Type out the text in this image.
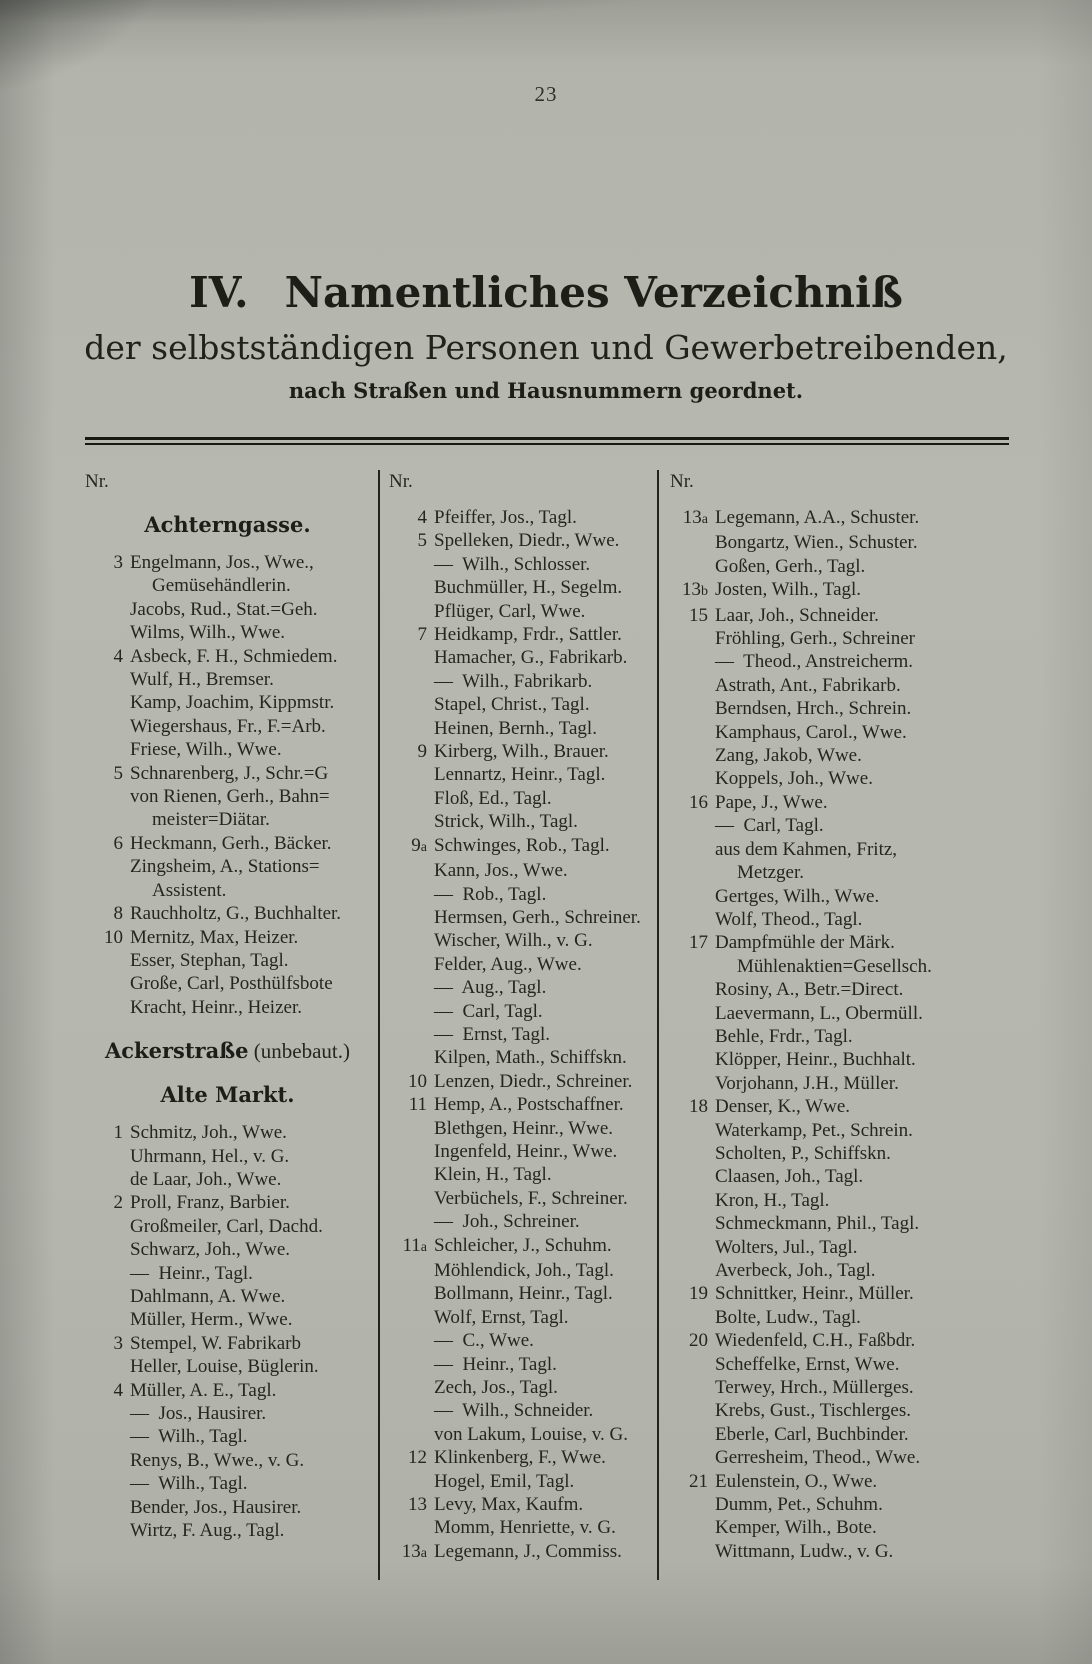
23
IV. Namentliches Verzeichniß
der selbstständigen Personen und Gewerbetreibenden,
nach Straßen und Hausnummern geordnet.
Nr.
Achterngasse.
3 Engelmann, Jos., Wwe.,
Gemüsehändlerin.
Jacobs, Rud., Stat.=Geh.
Wilms, Wilh., Wwe.
4 Asbeck, F. H., Schmiedem.
Wulf, H., Bremser.
Kamp, Joachim, Kippmstr.
Wiegershaus, Fr., F.=Arb.
Friese, Wilh., Wwe.
5 Schnarenberg, J., Schr.=G
von Rienen, Gerh., Bahn=
meister=Diätar.
6 Heckmann, Gerh., Bäcker.
Zingsheim, A., Stations=
Assistent.
8 Rauchholtz, G., Buchhalter.
10 Mernitz, Max, Heizer.
Esser, Stephan, Tagl.
Große, Carl, Posthülfsbote
Kracht, Heinr., Heizer.
Ackerstraße (unbebaut.)
Alte Markt.
1 Schmitz, Joh., Wwe.
Uhrmann, Hel., v. G.
de Laar, Joh., Wwe.
2 Proll, Franz, Barbier.
Großmeiler, Carl, Dachd.
Schwarz, Joh., Wwe.
—  Heinr., Tagl.
Dahlmann, A. Wwe.
Müller, Herm., Wwe.
3 Stempel, W. Fabrikarb
Heller, Louise, Büglerin.
4 Müller, A. E., Tagl.
—  Jos., Hausirer.
—  Wilh., Tagl.
Renys, B., Wwe., v. G.
—  Wilh., Tagl.
Bender, Jos., Hausirer.
Wirtz, F. Aug., Tagl.
Nr.
4 Pfeiffer, Jos., Tagl.
5 Spelleken, Diedr., Wwe.
—  Wilh., Schlosser.
Buchmüller, H., Segelm.
Pflüger, Carl, Wwe.
7 Heidkamp, Frdr., Sattler.
Hamacher, G., Fabrikarb.
—  Wilh., Fabrikarb.
Stapel, Christ., Tagl.
Heinen, Bernh., Tagl.
9 Kirberg, Wilh., Brauer.
Lennartz, Heinr., Tagl.
Floß, Ed., Tagl.
Strick, Wilh., Tagl.
9a Schwinges, Rob., Tagl.
Kann, Jos., Wwe.
—  Rob., Tagl.
Hermsen, Gerh., Schreiner.
Wischer, Wilh., v. G.
Felder, Aug., Wwe.
—  Aug., Tagl.
—  Carl, Tagl.
—  Ernst, Tagl.
Kilpen, Math., Schiffskn.
10 Lenzen, Diedr., Schreiner.
11 Hemp, A., Postschaffner.
Blethgen, Heinr., Wwe.
Ingenfeld, Heinr., Wwe.
Klein, H., Tagl.
Verbüchels, F., Schreiner.
—  Joh., Schreiner.
11a Schleicher, J., Schuhm.
Möhlendick, Joh., Tagl.
Bollmann, Heinr., Tagl.
Wolf, Ernst, Tagl.
—  C., Wwe.
—  Heinr., Tagl.
Zech, Jos., Tagl.
—  Wilh., Schneider.
von Lakum, Louise, v. G.
12 Klinkenberg, F., Wwe.
Hogel, Emil, Tagl.
13 Levy, Max, Kaufm.
Momm, Henriette, v. G.
13a Legemann, J., Commiss.
Nr.
13a Legemann, A.A., Schuster.
Bongartz, Wien., Schuster.
Goßen, Gerh., Tagl.
13b Josten, Wilh., Tagl.
15 Laar, Joh., Schneider.
Fröhling, Gerh., Schreiner
—  Theod., Anstreicherm.
Astrath, Ant., Fabrikarb.
Berndsen, Hrch., Schrein.
Kamphaus, Carol., Wwe.
Zang, Jakob, Wwe.
Koppels, Joh., Wwe.
16 Pape, J., Wwe.
—  Carl, Tagl.
aus dem Kahmen, Fritz,
Metzger.
Gertges, Wilh., Wwe.
Wolf, Theod., Tagl.
17 Dampfmühle der Märk.
Mühlenaktien=Gesellsch.
Rosiny, A., Betr.=Direct.
Laevermann, L., Obermüll.
Behle, Frdr., Tagl.
Klöpper, Heinr., Buchhalt.
Vorjohann, J.H., Müller.
18 Denser, K., Wwe.
Waterkamp, Pet., Schrein.
Scholten, P., Schiffskn.
Claasen, Joh., Tagl.
Kron, H., Tagl.
Schmeckmann, Phil., Tagl.
Wolters, Jul., Tagl.
Averbeck, Joh., Tagl.
19 Schnittker, Heinr., Müller.
Bolte, Ludw., Tagl.
20 Wiedenfeld, C.H., Faßbdr.
Scheffelke, Ernst, Wwe.
Terwey, Hrch., Müllerges.
Krebs, Gust., Tischlerges.
Eberle, Carl, Buchbinder.
Gerresheim, Theod., Wwe.
21 Eulenstein, O., Wwe.
Dumm, Pet., Schuhm.
Kemper, Wilh., Bote.
Wittmann, Ludw., v. G.
